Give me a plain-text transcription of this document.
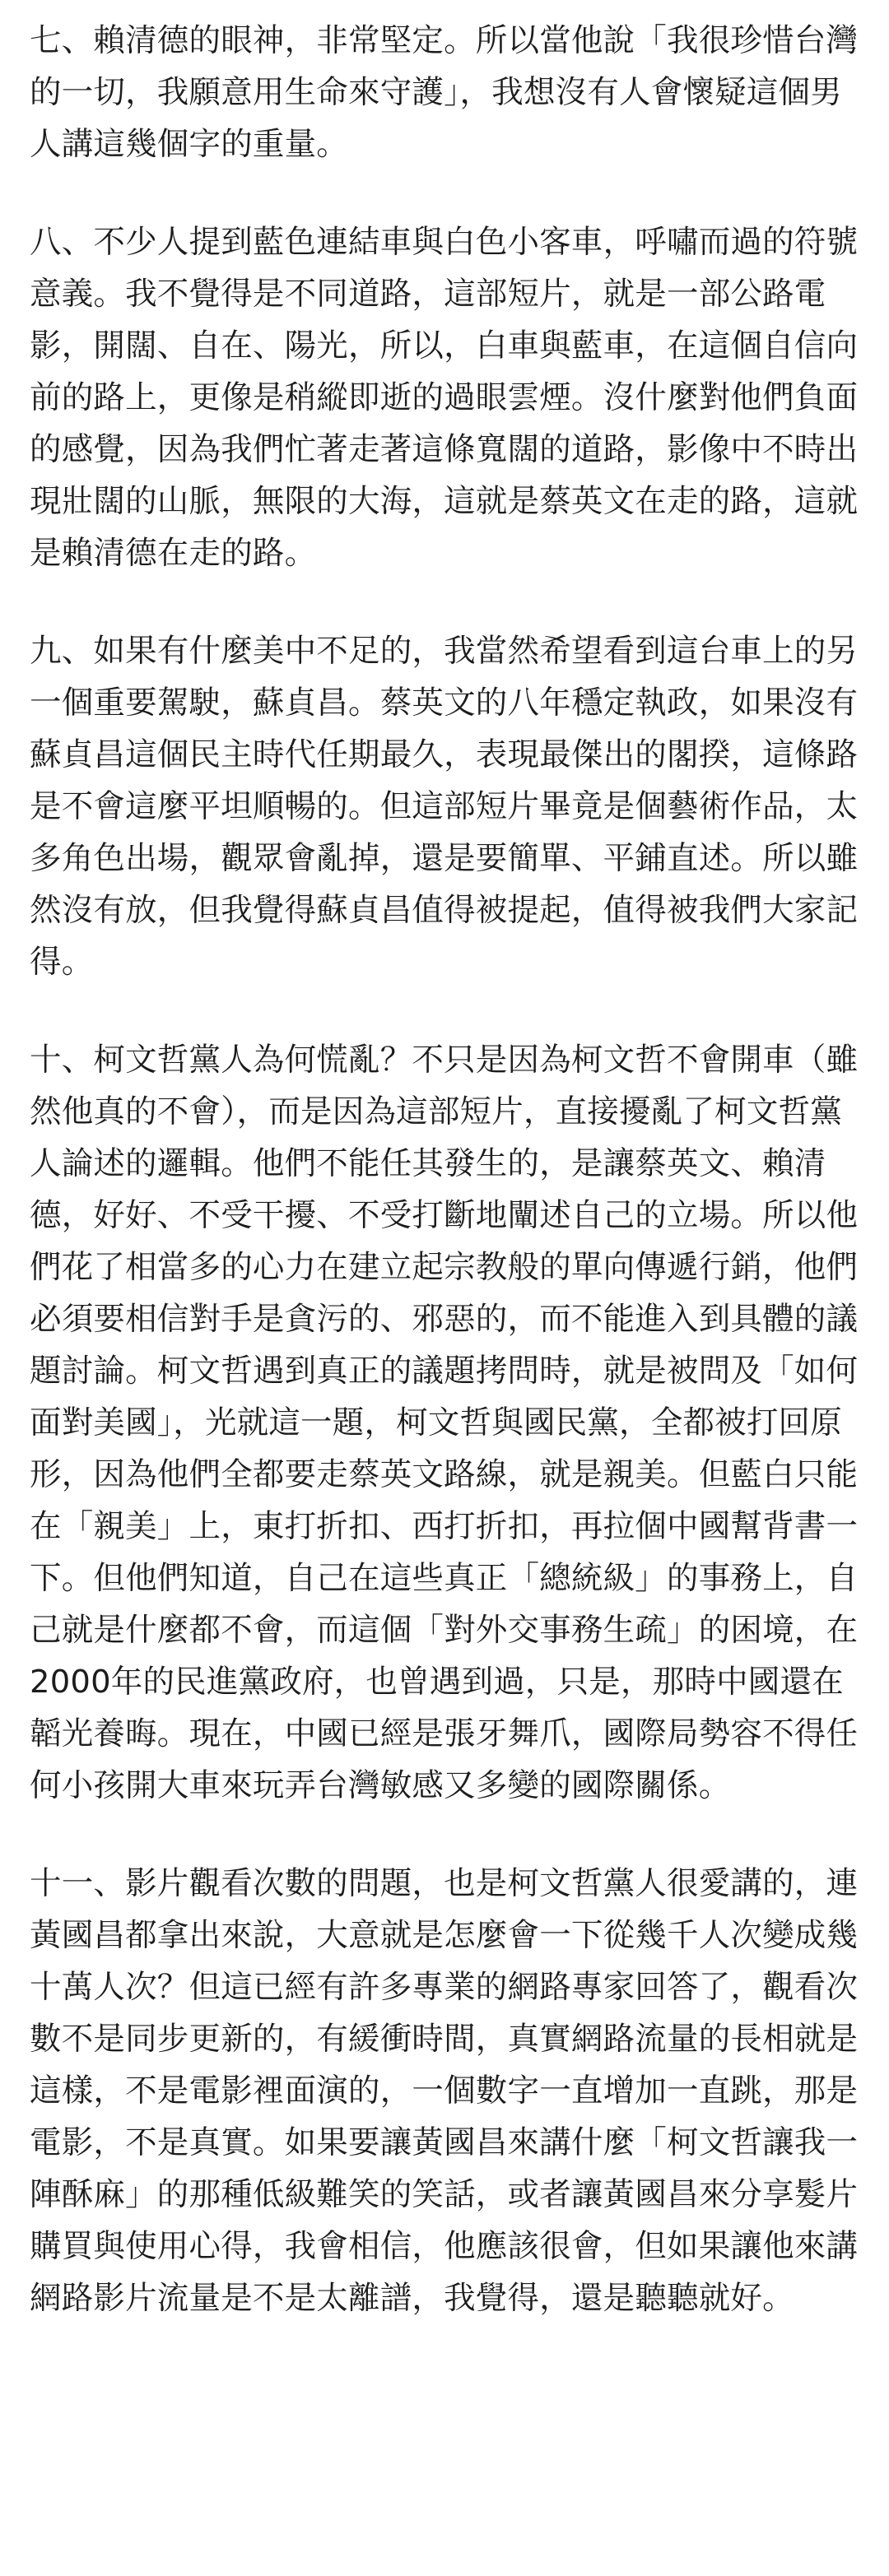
七、賴清德的眼神，非常堅定。所以當他說「我很珍惜台灣的一切，我願意用生命來守護」，我想沒有人會懷疑這個男人講這幾個字的重量。

八、不少人提到藍色連結車與白色小客車，呼嘯而過的符號意義。我不覺得是不同道路，這部短片，就是一部公路電影，開闊、自在、陽光，所以，白車與藍車，在這個自信向前的路上，更像是稍縱即逝的過眼雲煙。沒什麼對他們負面的感覺，因為我們忙著走著這條寬闊的道路，影像中不時出現壯闊的山脈，無限的大海，這就是蔡英文在走的路，這就是賴清德在走的路。

九、如果有什麼美中不足的，我當然希望看到這台車上的另一個重要駕駛，蘇貞昌。蔡英文的八年穩定執政，如果沒有蘇貞昌這個民主時代任期最久，表現最傑出的閣揆，這條路是不會這麼平坦順暢的。但這部短片畢竟是個藝術作品，太多角色出場，觀眾會亂掉，還是要簡單、平鋪直述。所以雖然沒有放，但我覺得蘇貞昌值得被提起，值得被我們大家記得。

十、柯文哲黨人為何慌亂？不只是因為柯文哲不會開車（雖然他真的不會），而是因為這部短片，直接擾亂了柯文哲黨人論述的邏輯。他們不能任其發生的，是讓蔡英文、賴清德，好好、不受干擾、不受打斷地闡述自己的立場。所以他們花了相當多的心力在建立起宗教般的單向傳遞行銷，他們必須要相信對手是貪污的、邪惡的，而不能進入到具體的議題討論。柯文哲遇到真正的議題拷問時，就是被問及「如何面對美國」，光就這一題，柯文哲與國民黨，全都被打回原形，因為他們全都要走蔡英文路線，就是親美。但藍白只能在「親美」上，東打折扣、西打折扣，再拉個中國幫背書一下。但他們知道，自己在這些真正「總統級」的事務上，自己就是什麼都不會，而這個「對外交事務生疏」的困境，在2000年的民進黨政府，也曾遇到過，只是，那時中國還在韜光養晦。現在，中國已經是張牙舞爪，國際局勢容不得任何小孩開大車來玩弄台灣敏感又多變的國際關係。

十一、影片觀看次數的問題，也是柯文哲黨人很愛講的，連黃國昌都拿出來說，大意就是怎麼會一下從幾千人次變成幾十萬人次？但這已經有許多專業的網路專家回答了，觀看次數不是同步更新的，有緩衝時間，真實網路流量的長相就是這樣，不是電影裡面演的，一個數字一直增加一直跳，那是電影，不是真實。如果要讓黃國昌來講什麼「柯文哲讓我一陣酥麻」的那種低級難笑的笑話，或者讓黃國昌來分享髮片購買與使用心得，我會相信，他應該很會，但如果讓他來講網路影片流量是不是太離譜，我覺得，還是聽聽就好。
